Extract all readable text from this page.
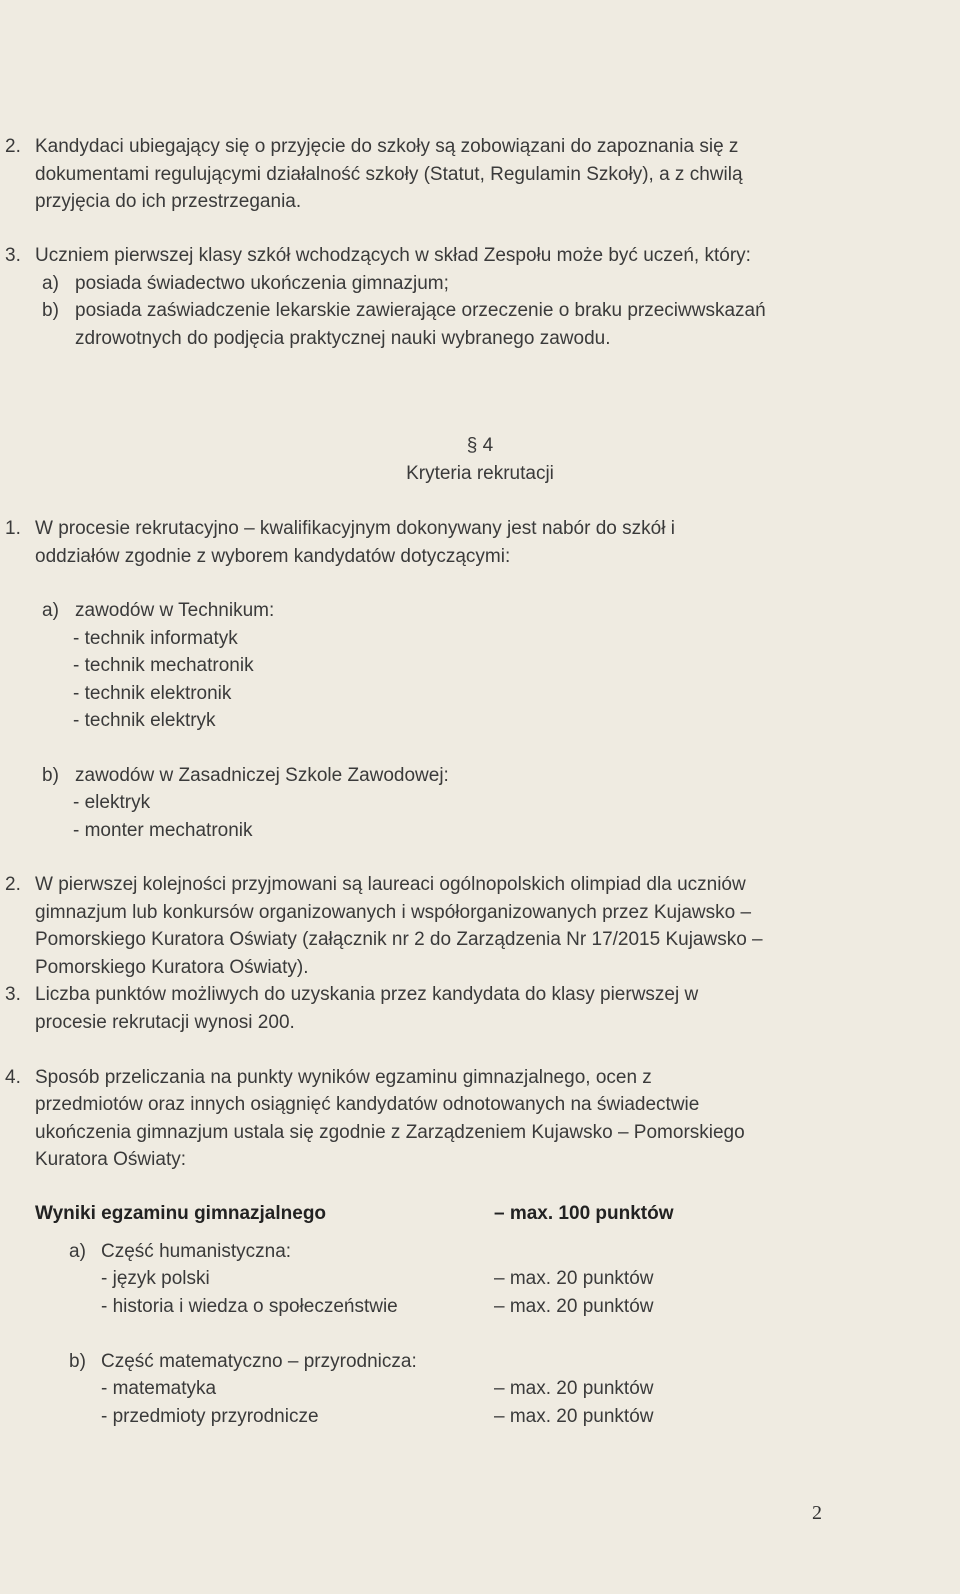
2. Kandydaci ubiegający się o przyjęcie do szkoły są zobowiązani do zapoznania się z
dokumentami regulującymi działalność szkoły (Statut, Regulamin Szkoły), a z chwilą
przyjęcia do ich przestrzegania.
3. Uczniem pierwszej klasy szkół wchodzących w skład Zespołu może być uczeń, który:
a) posiada świadectwo ukończenia gimnazjum;
b) posiada zaświadczenie lekarskie zawierające orzeczenie o braku przeciwwskazań
zdrowotnych do podjęcia praktycznej nauki wybranego zawodu.
§ 4
Kryteria rekrutacji
1. W procesie rekrutacyjno – kwalifikacyjnym dokonywany jest nabór do szkół i
oddziałów zgodnie z wyborem kandydatów dotyczącymi:
a) zawodów w Technikum:
- technik informatyk
- technik mechatronik
- technik elektronik
- technik elektryk
b) zawodów w Zasadniczej Szkole Zawodowej:
- elektryk
- monter mechatronik
2. W pierwszej kolejności przyjmowani są laureaci ogólnopolskich olimpiad dla uczniów
gimnazjum lub konkursów organizowanych i współorganizowanych przez Kujawsko –
Pomorskiego Kuratora Oświaty (załącznik nr 2 do Zarządzenia Nr 17/2015 Kujawsko –
Pomorskiego Kuratora Oświaty).
3. Liczba punktów możliwych do uzyskania przez kandydata do klasy pierwszej w
procesie rekrutacji wynosi 200.
4. Sposób przeliczania na punkty wyników egzaminu gimnazjalnego, ocen z
przedmiotów oraz innych osiągnięć kandydatów odnotowanych na świadectwie
ukończenia gimnazjum ustala się zgodnie z Zarządzeniem Kujawsko – Pomorskiego
Kuratora Oświaty:
Wyniki egzaminu gimnazjalnego	– max. 100 punktów
a) Część humanistyczna:
- język polski	– max. 20 punktów
- historia i wiedza o społeczeństwie	– max. 20 punktów
b) Część matematyczno – przyrodnicza:
- matematyka	– max. 20 punktów
- przedmioty przyrodnicze	– max. 20 punktów
2
